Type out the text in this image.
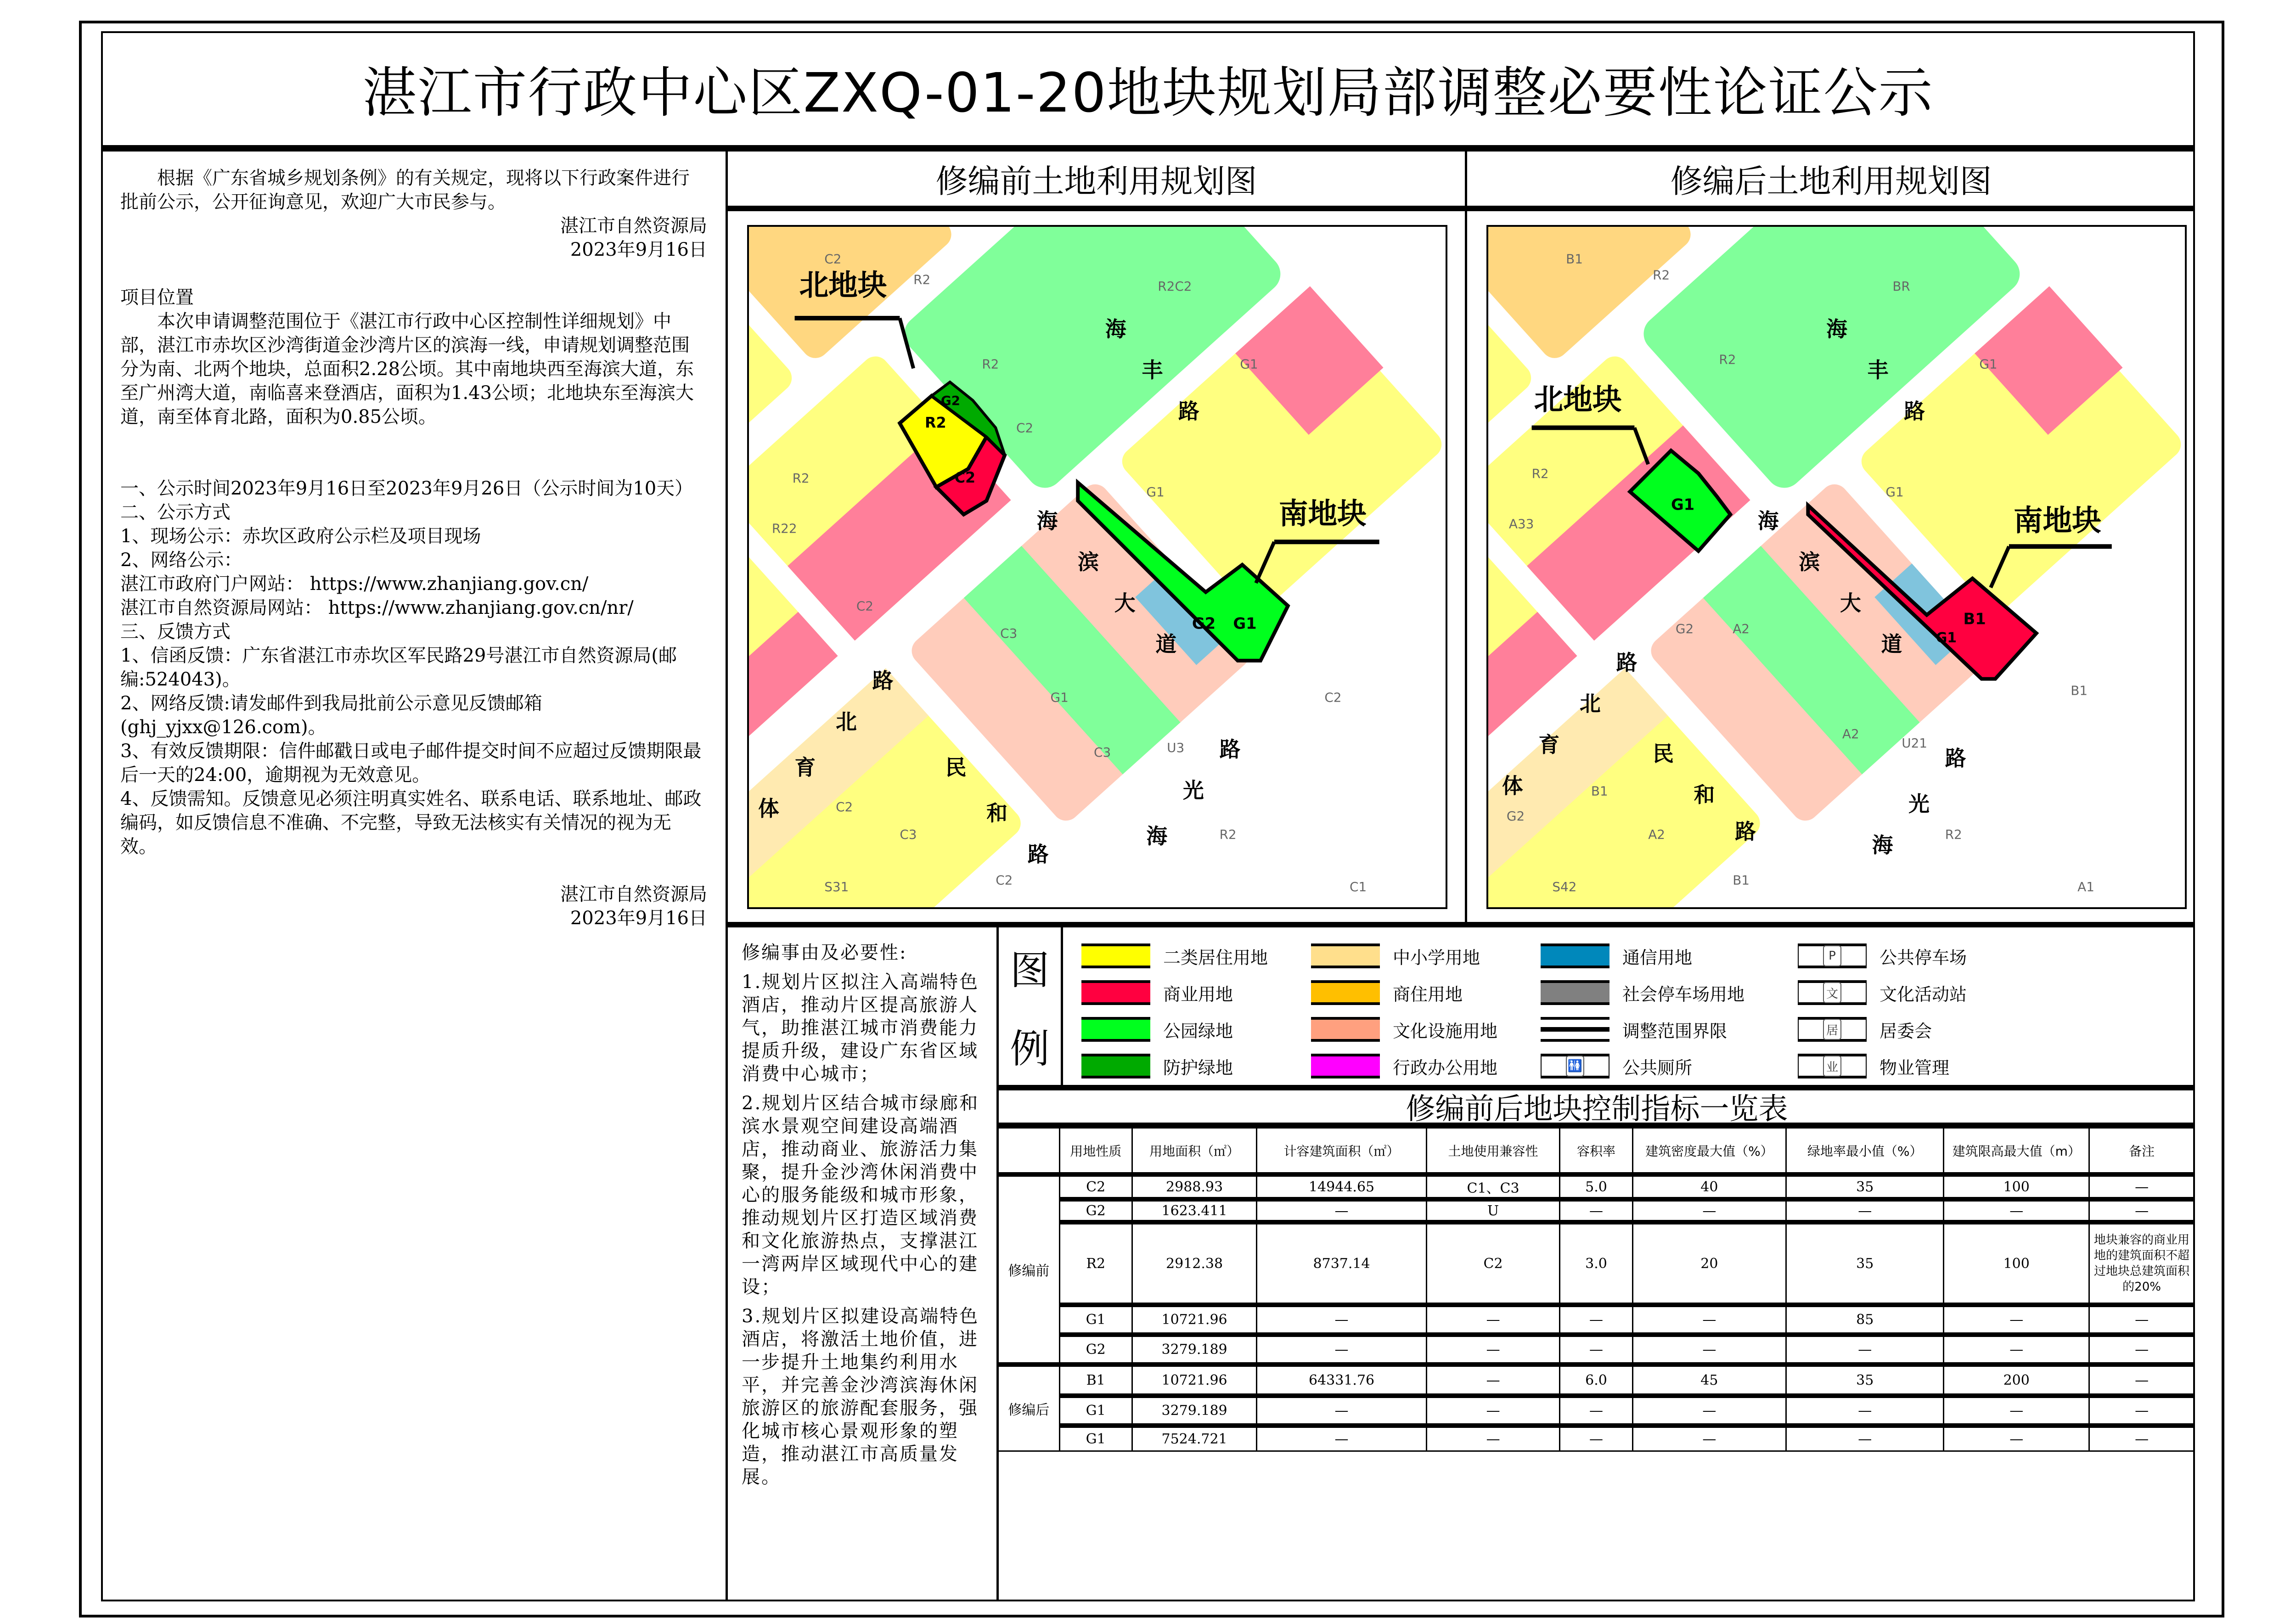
湛江市行政中心区ZXQ-01-20地块规划局部调整必要性论证公示

根据《广东省城乡规划条例》的有关规定，现将以下行政案件进行批前公示，公开征询意见，欢迎广大市民参与。

湛江市自然资源局

2023年9月16日

项目位置

本次申请调整范围位于《湛江市行政中心区控制性详细规划》中部，湛江市赤坎区沙湾街道金沙湾片区的滨海一线，申请规划调整范围分为南、北两个地块，总面积2.28公顷。其中南地块西至海滨大道，东至广州湾大道，南临喜来登酒店，面积为1.43公顷；北地块东至海滨大道，南至体育北路，面积为0.85公顷。

一、公示时间2023年9月16日至2023年9月26日（公示时间为10天）

二、公示方式

1、现场公示：赤坎区政府公示栏及项目现场

2、网络公示：

湛江市政府门户网站： https://www.zhanjiang.gov.cn/

湛江市自然资源局网站： https://www.zhanjiang.gov.cn/nr/

三、反馈方式

1、信函反馈：广东省湛江市赤坎区军民路29号湛江市自然资源局(邮编:524043)。

2、网络反馈:请发邮件到我局批前公示意见反馈邮箱(ghj_yjxx@126.com)。

3、有效反馈期限：信件邮戳日或电子邮件提交时间不应超过反馈期限最后一天的24:00，逾期视为无效意见。

4、反馈需知。反馈意见必须注明真实姓名、联系电话、联系地址、邮政编码，如反馈信息不准确、不完整，导致无法核实有关情况的视为无效。

湛江市自然资源局

2023年9月16日

修编前土地利用规划图	修编后土地利用规划图
R2
G2
C2
G2 G1
北地块
南地块
海
丰
路
海
滨
大
道
体
育
北
路
民
和
路
海
光
路
C2
R2	R2C2
R2	G1
C2
R2
R22
G1
C2
C3
G1
C3	U3
C2
C2
C3
S31	C2
R2
C1
G1
B1
G1
北地块
南地块
海
丰
路
海
滨
大
道
体
育
北
路
民
和
路
海
光
路
B1
R2
BR
R2	G1
R2
A33
G1
G2	A2
A2
U21
B1
B1
G2
A2
S42	B1
R2
A1

修编事由及必要性:

1.规划片区拟注入高端特色酒店，推动片区提高旅游人气，助推湛江城市消费能力提质升级，建设广东省区域消费中心城市；

2.规划片区结合城市绿廊和滨水景观空间建设高端酒店，推动商业、旅游活力集聚，提升金沙湾休闲消费中心的服务能级和城市形象，推动规划片区打造区域消费和文化旅游热点，支撑湛江一湾两岸区域现代中心的建设；

3.规划片区拟建设高端特色酒店，将激活土地价值，进一步提升土地集约利用水平，并完善金沙湾滨海休闲旅游区的旅游配套服务，强化城市核心景观形象的塑造，推动湛江市高质量发展。

图
例
二类居住用地	中小学用地	通信用地	P	公共停车场
商业用地	商住用地	社会停车场用地	文 文化活动站
公园绿地	文化设施用地	调整范围界限	居 居委会
防护绿地	行政办公用地	🚻 公共厕所	业 物业管理
修编前后地块控制指标一览表
	用地性质	用地面积（㎡）	计容建筑面积（㎡）	土地使用兼容性	容积率	建筑密度最大值（%）	绿地率最小值（%）	建筑限高最大值（m）	备注
修编前	C2	2988.93	14944.65	C1、C3	5.0	40	35	100	—
	G2	1623.411	—	U	—	—	—	—	—
	R2	2912.38	8737.14	C2	3.0	20	35	100	地块兼容的商业用地的建筑面积不超过地块总建筑面积的20%
	G1	10721.96	—	—	—	—	85	—	—
	G2	3279.189	—	—	—	—	—	—	—
修编后	B1	10721.96	64331.76	—	6.0	45	35	200	—
	G1	3279.189	—	—	—	—	—	—	—
	G1	7524.721	—	—	—	—	—	—	—
